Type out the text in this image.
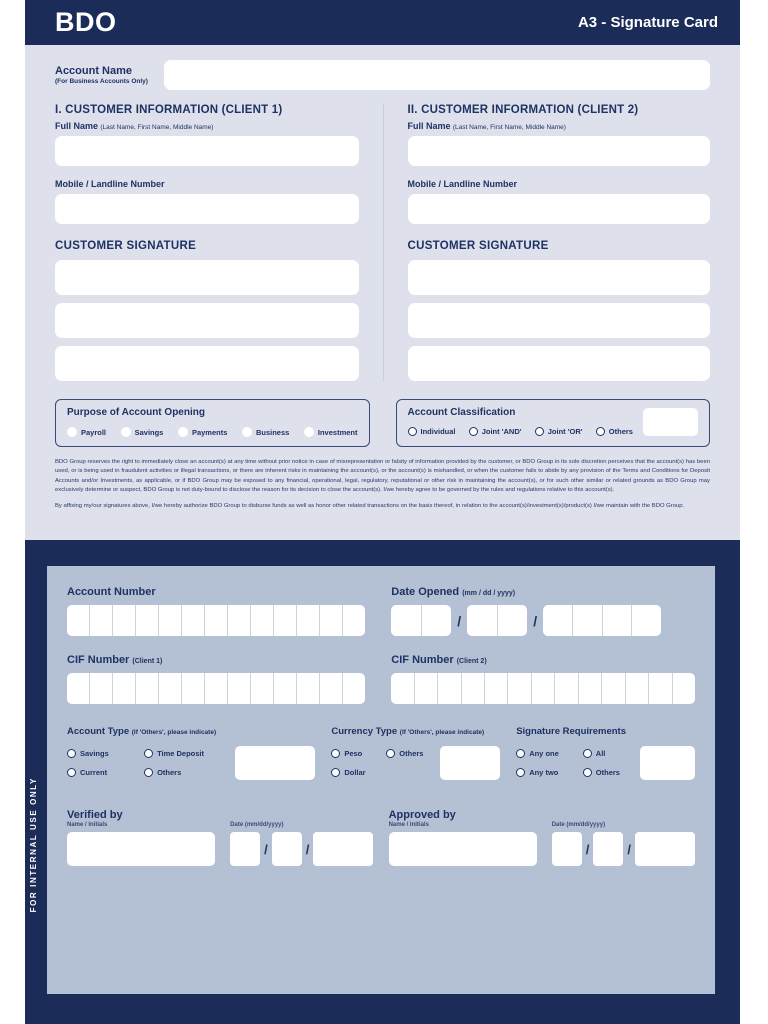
BDO	A3 - Signature Card
Account Name
(For Business Accounts Only)
I. CUSTOMER INFORMATION (CLIENT 1)
Full Name (Last Name, First Name, Middle Name)
Mobile / Landline Number
CUSTOMER SIGNATURE
II. CUSTOMER INFORMATION (CLIENT 2)
Full Name (Last Name, First Name, Middle Name)
Mobile / Landline Number
CUSTOMER SIGNATURE
Purpose of Account Opening
Payroll	Savings	Payments	Business	Investment
Account Classification
Individual	Joint 'AND'	Joint 'OR'	Others

BDO Group reserves the right to immediately close an account(s) at any time without prior notice in case of misrepresentation or falsity of information provided by the customer, or BDO Group in its sole discretion perceives that the account(s) has been used, or is being used in fraudulent activities or illegal transactions, or there are inherent risks in maintaining the account(s), or the account(s) is mishandled, or when the customer fails to abide by any provision of the Terms and Conditions for Deposit Accounts and/or Investments, as applicable, or if BDO Group may be exposed to any financial, operational, legal, regulatory, reputational or other risk in maintaining the account(s), or for such other similar or related grounds as BDO Group may exclusively determine or suspect, BDO Group is not duty-bound to disclose the reason for its decision to close the account(s). I/we hereby agree to be governed by the rules and regulations relative to this account(s).

By affixing my/our signatures above, I/we hereby authorize BDO Group to disburse funds as well as honor other related transactions on the basis thereof, in relation to the account(s)/investment(s)/product(s) I/we maintain with the BDO Group.

FOR INTERNAL USE ONLY
Account Number	Date Opened (mm / dd / yyyy)
/	/
CIF Number (Client 1)	CIF Number (Client 2)
Account Type (If 'Others', please indicate)
Savings	Time Deposit
Current	Others
Currency Type (If 'Others', please indicate)
Peso	Others
Dollar
Signature Requirements
Any one	All
Any two	Others
Verified by
Name / Initials	Date (mm/dd/yyyy)
/	/
Approved by
Name / Initials	Date (mm/dd/yyyy)
/	/
